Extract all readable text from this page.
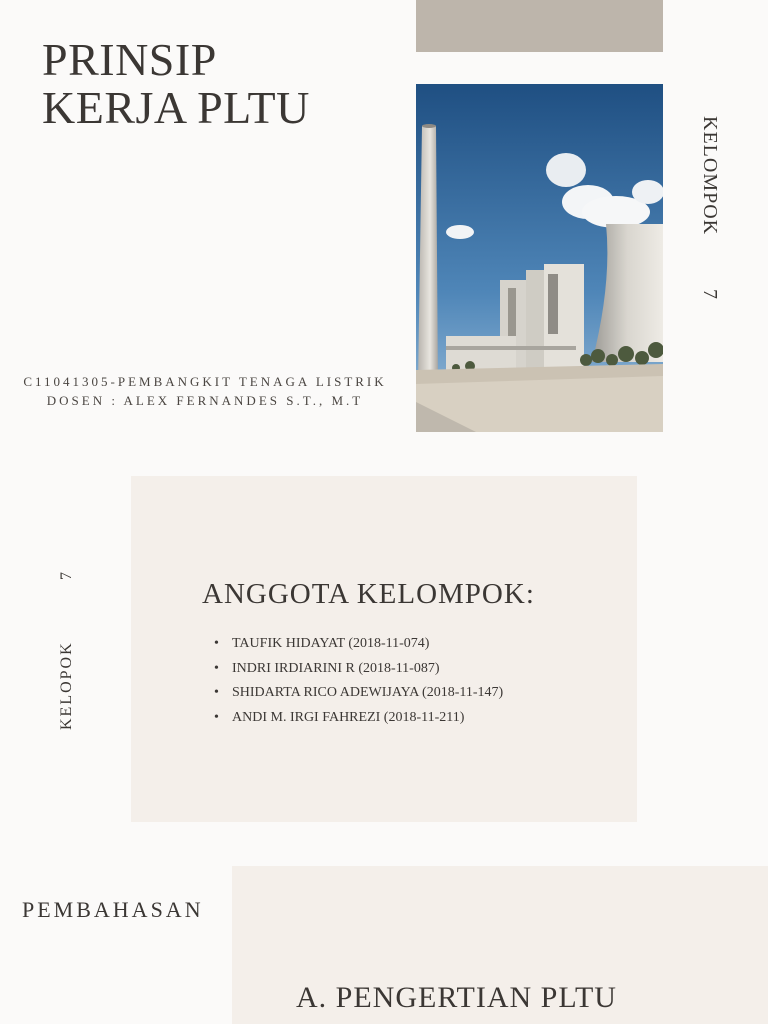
PRINSIP
KERJA PLTU
C11041305-PEMBANGKIT TENAGA LISTRIK
DOSEN : ALEX FERNANDES S.T., M.T
KELOMPOK7
ANGGOTA KELOMPOK:
• TAUFIK HIDAYAT (2018-11-074)
• INDRI IRDIARINI R (2018-11-087)
• SHIDARTA RICO ADEWIJAYA (2018-11-147)
• ANDI M. IRGI FAHREZI (2018-11-211)
KELOPOK
7
PEMBAHASAN
A. PENGERTIAN PLTU
